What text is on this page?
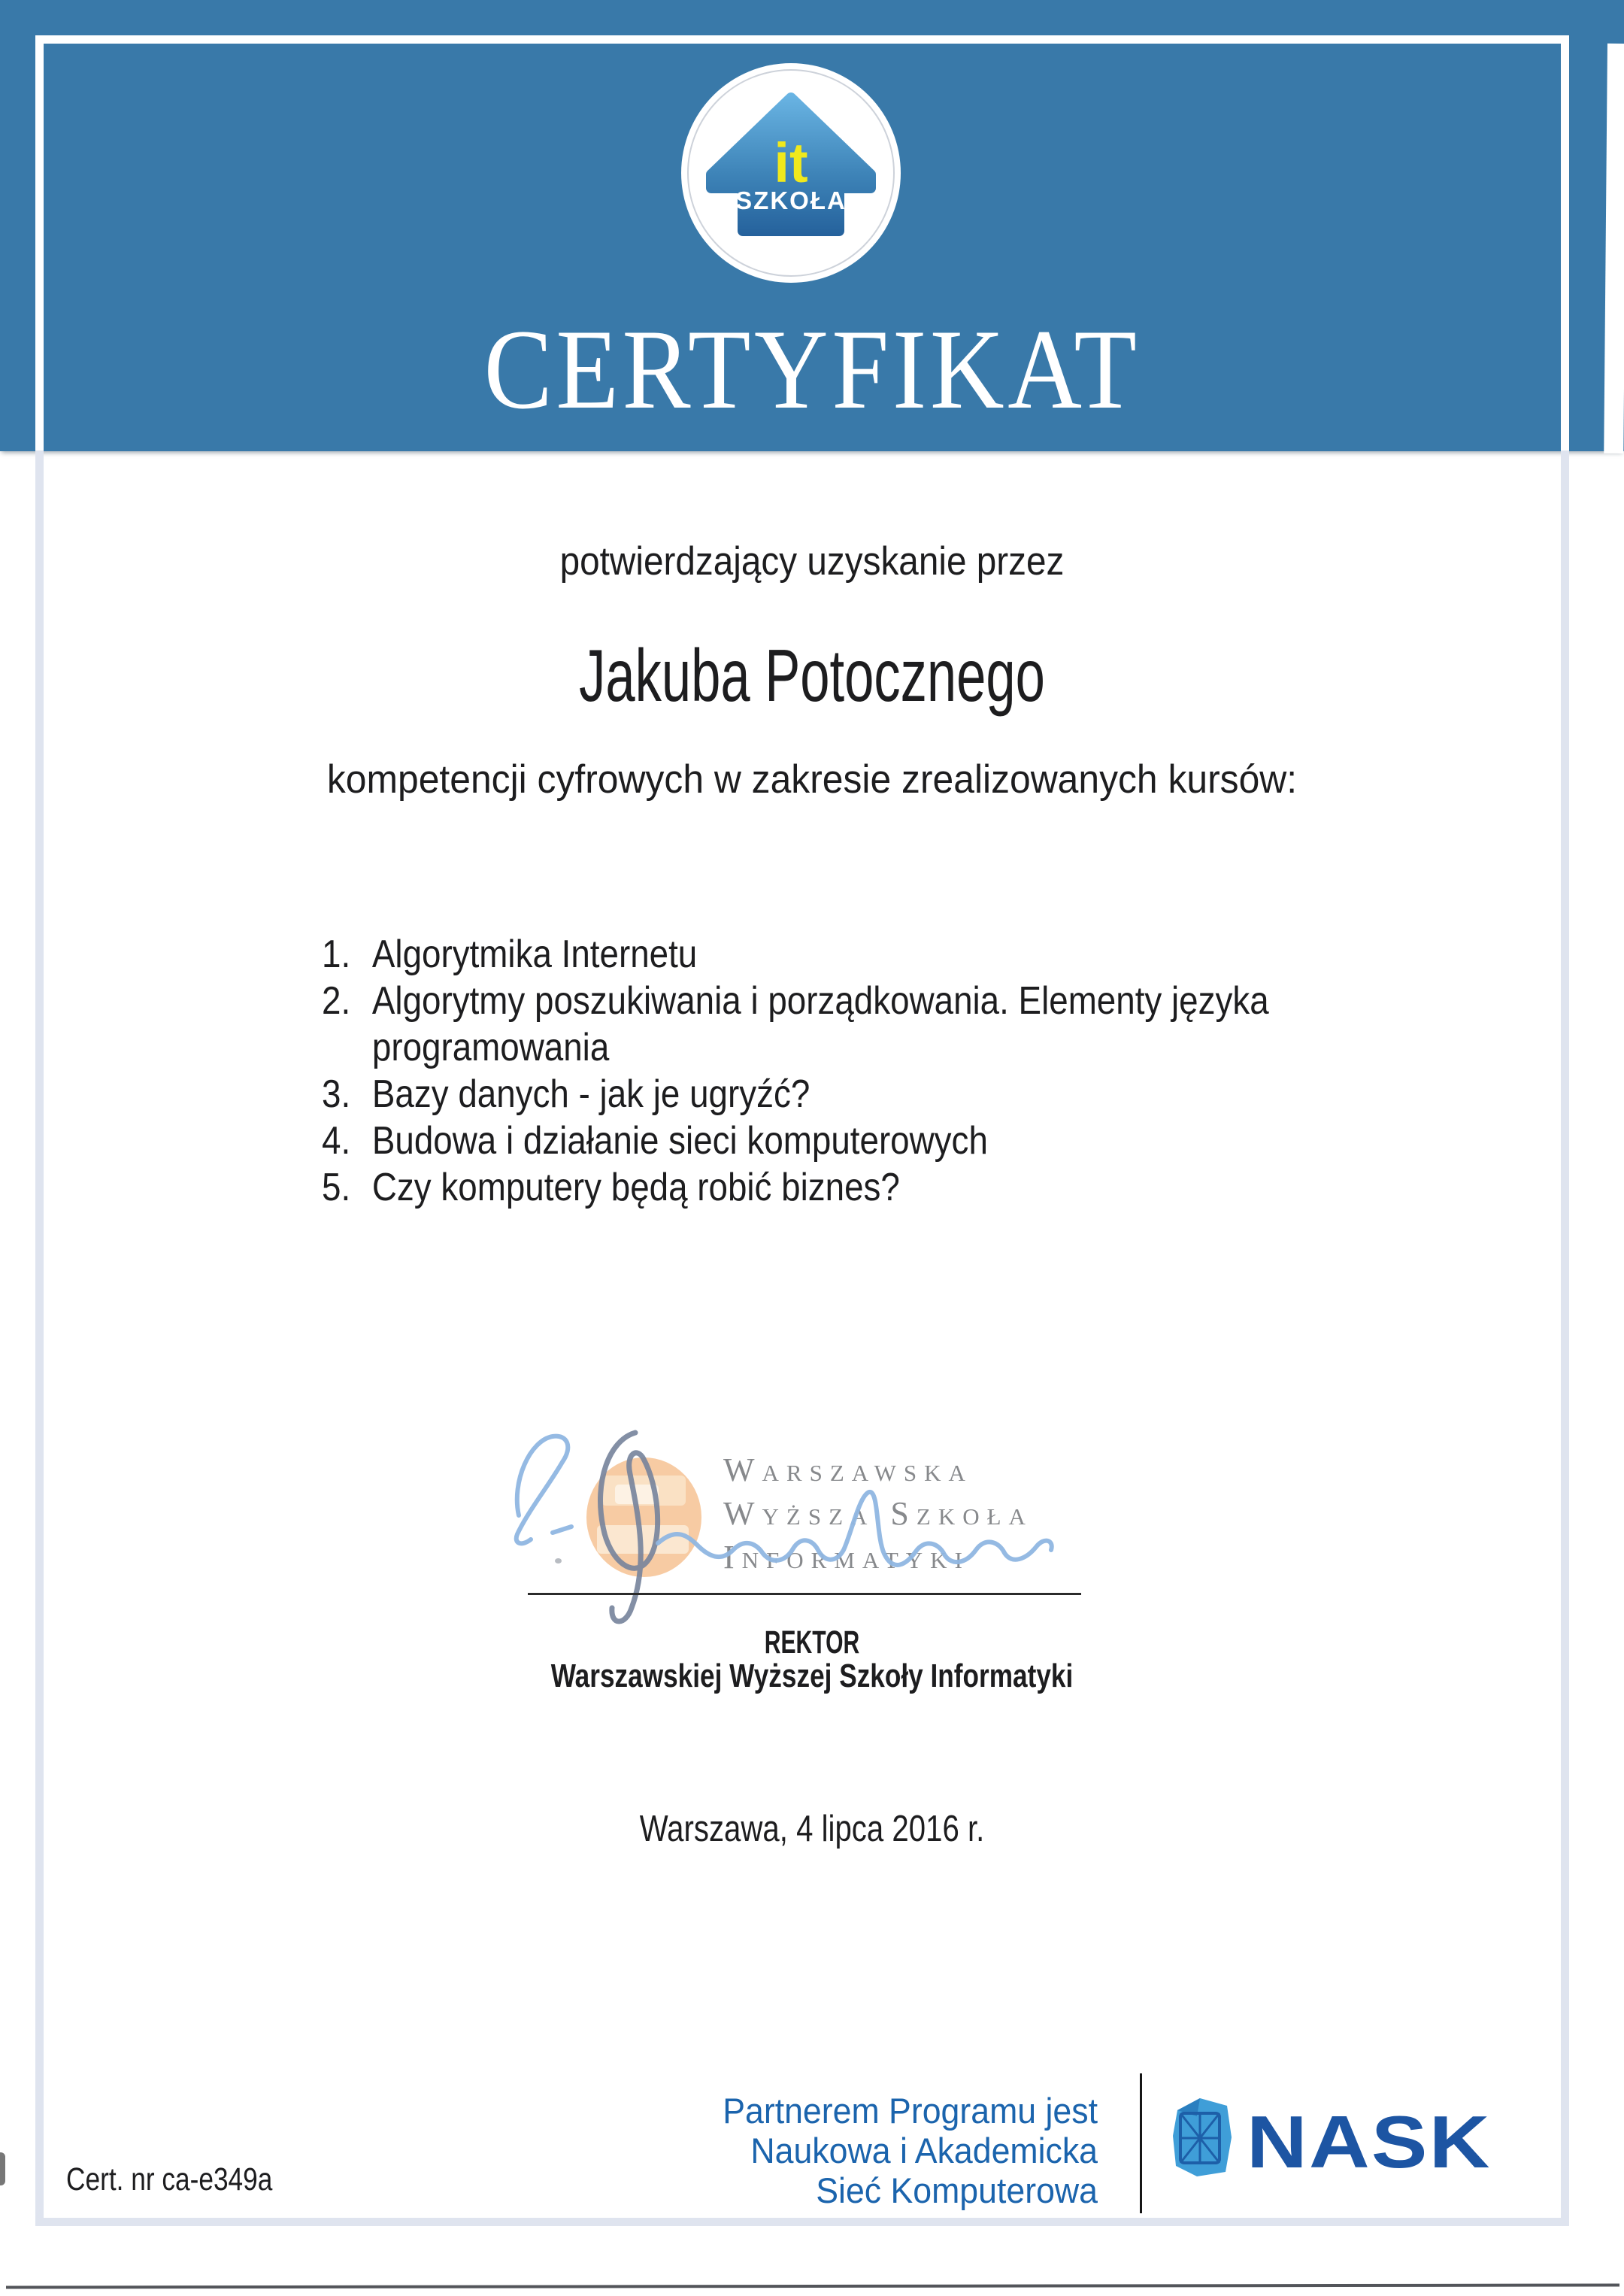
it
SZKOŁA
CERTYFIKAT
potwierdzający uzyskanie przez
Jakuba Potocznego
kompetencji cyfrowych w zakresie zrealizowanych kursów:
1. Algorytmika Internetu
2. Algorytmy poszukiwania i porządkowania. Elementy języka programowania
3. Bazy danych - jak je ugryźć?
4. Budowa i działanie sieci komputerowych
5. Czy komputery będą robić biznes?
Warszawska
Wyższa Szkoła
Informatyki
REKTOR
Warszawskiej Wyższej Szkoły Informatyki
Warszawa, 4 lipca 2016 r.
Cert. nr ca-e349a
Partnerem Programu jest
Naukowa i Akademicka
Sieć Komputerowa
NASK
